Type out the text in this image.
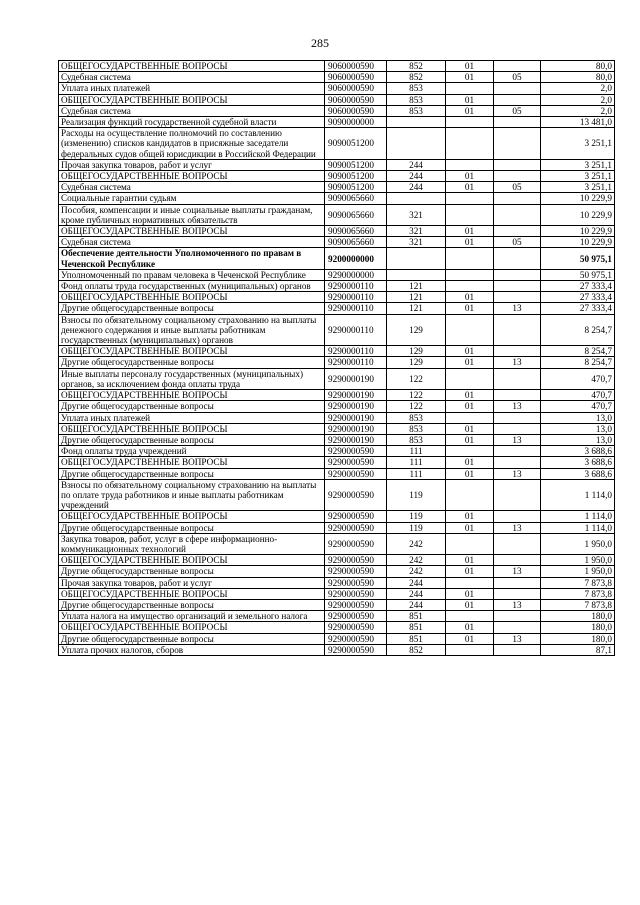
285
ОБЩЕГОСУДАРСТВЕННЫЕ ВОПРОСЫ	9060000590	852	01		80,0
Судебная система	9060000590	852	01	05	80,0
Уплата иных платежей	9060000590	853			2,0
ОБЩЕГОСУДАРСТВЕННЫЕ ВОПРОСЫ	9060000590	853	01		2,0
Судебная система	9060000590	853	01	05	2,0
Реализация функций государственной судебной власти	9090000000				13 481,0
Расходы на осуществление полномочий по составлению (изменению) списков кандидатов в присяжные заседатели федеральных судов общей юрисдикции в Российской Федерации	9090051200				3 251,1
Прочая закупка товаров, работ и услуг	9090051200	244			3 251,1
ОБЩЕГОСУДАРСТВЕННЫЕ ВОПРОСЫ	9090051200	244	01		3 251,1
Судебная система	9090051200	244	01	05	3 251,1
Социальные гарантии судьям	9090065660				10 229,9
Пособия, компенсации и иные социальные выплаты гражданам, кроме публичных нормативных обязательств	9090065660	321			10 229,9
ОБЩЕГОСУДАРСТВЕННЫЕ ВОПРОСЫ	9090065660	321	01		10 229,9
Судебная система	9090065660	321	01	05	10 229,9
Обеспечение деятельности Уполномоченного по правам в Чеченской Республике	9200000000				50 975,1
Уполномоченный по правам человека в Чеченской Республике	9290000000				50 975,1
Фонд оплаты труда государственных (муниципальных) органов	9290000110	121			27 333,4
ОБЩЕГОСУДАРСТВЕННЫЕ ВОПРОСЫ	9290000110	121	01		27 333,4
Другие общегосударственные вопросы	9290000110	121	01	13	27 333,4
Взносы по обязательному социальному страхованию на выплаты денежного содержания и иные выплаты работникам государственных (муниципальных) органов	9290000110	129			8 254,7
ОБЩЕГОСУДАРСТВЕННЫЕ ВОПРОСЫ	9290000110	129	01		8 254,7
Другие общегосударственные вопросы	9290000110	129	01	13	8 254,7
Иные выплаты персоналу государственных (муниципальных) органов, за исключением фонда оплаты труда	9290000190	122			470,7
ОБЩЕГОСУДАРСТВЕННЫЕ ВОПРОСЫ	9290000190	122	01		470,7
Другие общегосударственные вопросы	9290000190	122	01	13	470,7
Уплата иных платежей	9290000190	853			13,0
ОБЩЕГОСУДАРСТВЕННЫЕ ВОПРОСЫ	9290000190	853	01		13,0
Другие общегосударственные вопросы	9290000190	853	01	13	13,0
Фонд оплаты труда учреждений	9290000590	111			3 688,6
ОБЩЕГОСУДАРСТВЕННЫЕ ВОПРОСЫ	9290000590	111	01		3 688,6
Другие общегосударственные вопросы	9290000590	111	01	13	3 688,6
Взносы по обязательному социальному страхованию на выплаты по оплате труда работников и иные выплаты работникам учреждений	9290000590	119			1 114,0
ОБЩЕГОСУДАРСТВЕННЫЕ ВОПРОСЫ	9290000590	119	01		1 114,0
Другие общегосударственные вопросы	9290000590	119	01	13	1 114,0
Закупка товаров, работ, услуг в сфере информационно-коммуникационных технологий	9290000590	242			1 950,0
ОБЩЕГОСУДАРСТВЕННЫЕ ВОПРОСЫ	9290000590	242	01		1 950,0
Другие общегосударственные вопросы	9290000590	242	01	13	1 950,0
Прочая закупка товаров, работ и услуг	9290000590	244			7 873,8
ОБЩЕГОСУДАРСТВЕННЫЕ ВОПРОСЫ	9290000590	244	01		7 873,8
Другие общегосударственные вопросы	9290000590	244	01	13	7 873,8
Уплата налога на имущество организаций и земельного налога	9290000590	851			180,0
ОБЩЕГОСУДАРСТВЕННЫЕ ВОПРОСЫ	9290000590	851	01		180,0
Другие общегосударственные вопросы	9290000590	851	01	13	180,0
Уплата прочих налогов, сборов	9290000590	852			87,1
